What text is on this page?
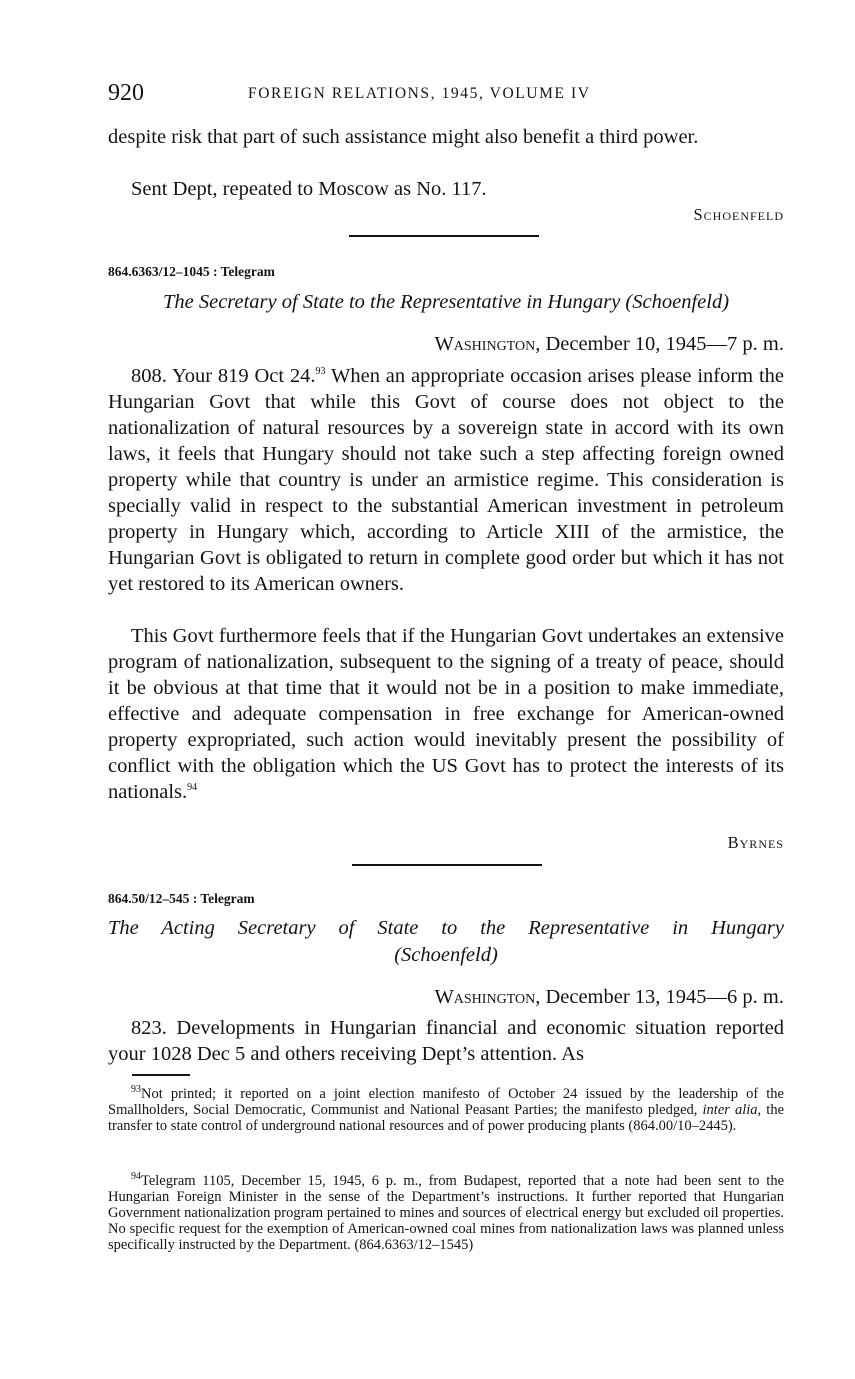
920	FOREIGN RELATIONS, 1945, VOLUME IV

despite risk that part of such assistance might also benefit a third power.

Sent Dept, repeated to Moscow as No. 117.

Schoenfeld
864.6363/12–1045 : Telegram

The Secretary of State to the Representative in Hungary (Schoenfeld)

Washington, December 10, 1945—7 p. m.

808. Your 819 Oct 24.93 When an appropriate occasion arises please inform the Hungarian Govt that while this Govt of course does not object to the nationalization of natural resources by a sovereign state in accord with its own laws, it feels that Hungary should not take such a step affecting foreign owned property while that country is under an armistice regime. This consideration is specially valid in respect to the substantial American investment in petroleum property in Hungary which, according to Article XIII of the armistice, the Hungarian Govt is obligated to return in complete good order but which it has not yet restored to its American owners.

This Govt furthermore feels that if the Hungarian Govt undertakes an extensive program of nationalization, subsequent to the signing of a treaty of peace, should it be obvious at that time that it would not be in a position to make immediate, effective and adequate compensation in free exchange for American-owned property expropriated, such action would inevitably present the possibility of conflict with the obligation which the US Govt has to protect the interests of its nationals.$^{94}$

Byrnes
864.50/12–545 : Telegram

The Acting Secretary of State to the Representative in Hungary
(Schoenfeld)

Washington, December 13, 1945—6 p. m.

823. Developments in Hungarian financial and economic situation reported your 1028 Dec 5 and others receiving Dept’s attention. As

$^{93}$Not printed; it reported on a joint election manifesto of October 24 issued by the leadership of the Smallholders, Social Democratic, Communist and National Peasant Parties; the manifesto pledged, inter alia, the transfer to state control of underground national resources and of power producing plants (864.00/10–2445).

$^{94}$Telegram 1105, December 15, 1945, 6 p. m., from Budapest, reported that a note had been sent to the Hungarian Foreign Minister in the sense of the Department’s instructions. It further reported that Hungarian Government nationalization program pertained to mines and sources of electrical energy but excluded oil properties. No specific request for the exemption of American-owned coal mines from nationalization laws was planned unless specifically instructed by the Department. (864.6363/12–1545)
